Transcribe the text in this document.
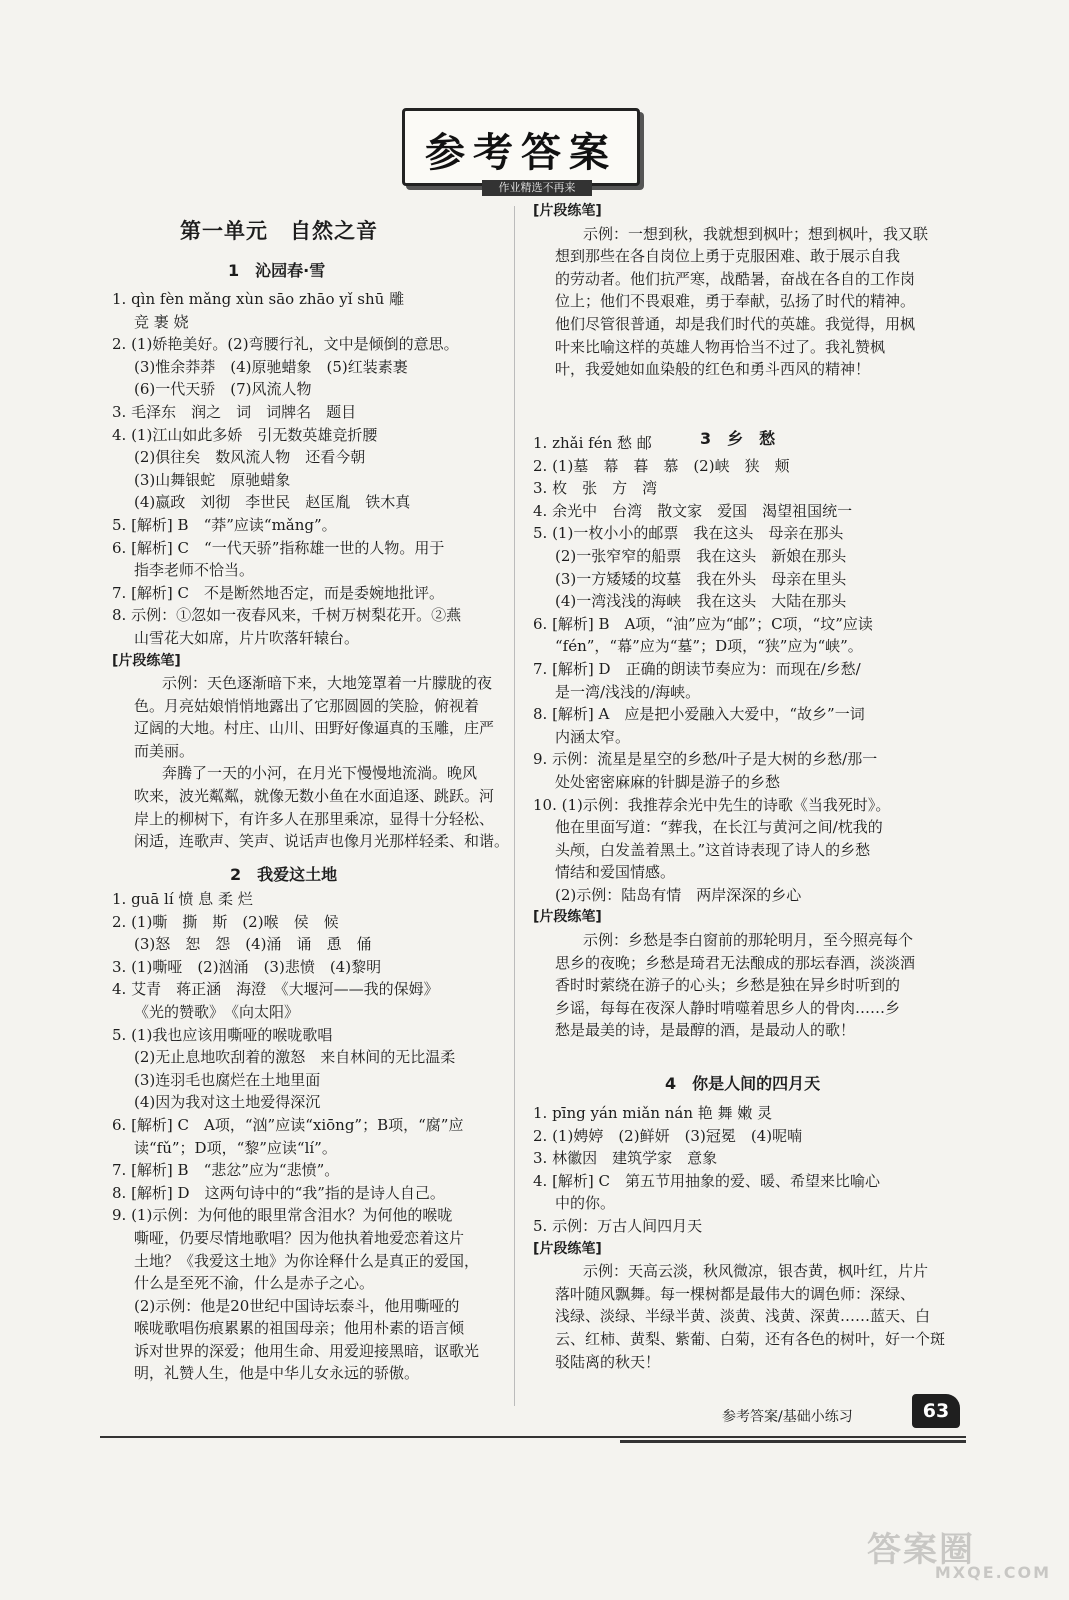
参考答案
作业精选不再来
第一单元　自然之音
1　沁园春·雪
1. qìn fèn mǎng xùn sāo zhāo yǐ shū 雕
竞 裹 娆
2. (1)娇艳美好。(2)弯腰行礼，文中是倾倒的意思。
(3)惟余莽莽　(4)原驰蜡象　(5)红装素裹
(6)一代天骄　(7)风流人物
3. 毛泽东　润之　词　词牌名　题目
4. (1)江山如此多娇　引无数英雄竞折腰
(2)俱往矣　数风流人物　还看今朝
(3)山舞银蛇　原驰蜡象
(4)嬴政　刘彻　李世民　赵匡胤　铁木真
5. [解析] B　“莽”应读“mǎng”。
6. [解析] C　“一代天骄”指称雄一世的人物。用于
指李老师不恰当。
7. [解析] C　不是断然地否定，而是委婉地批评。
8. 示例：①忽如一夜春风来，千树万树梨花开。②燕
山雪花大如席，片片吹落轩辕台。
[片段练笔]
示例：天色逐渐暗下来，大地笼罩着一片朦胧的夜
色。月亮姑娘悄悄地露出了它那圆圆的笑脸，俯视着
辽阔的大地。村庄、山川、田野好像逼真的玉雕，庄严
而美丽。
奔腾了一天的小河，在月光下慢慢地流淌。晚风
吹来，波光粼粼，就像无数小鱼在水面追逐、跳跃。河
岸上的柳树下，有许多人在那里乘凉，显得十分轻松、
闲适，连歌声、笑声、说话声也像月光那样轻柔、和谐。
2　我爱这土地
1. guā lí 愤 息 柔 烂
2. (1)嘶　撕　斯　(2)喉　侯　候
(3)怒　恕　怨　(4)涌　诵　恿　俑
3. (1)嘶哑　(2)汹涌　(3)悲愤　(4)黎明
4. 艾青　蒋正涵　海澄　《大堰河——我的保姆》
《光的赞歌》　《向太阳》
5. (1)我也应该用嘶哑的喉咙歌唱
(2)无止息地吹刮着的激怒　来自林间的无比温柔
(3)连羽毛也腐烂在土地里面
(4)因为我对这土地爱得深沉
6. [解析] C　A项，“汹”应读“xiōng”；B项，“腐”应
读“fǔ”；D项，“黎”应读“lí”。
7. [解析] B　“悲忿”应为“悲愤”。
8. [解析] D　这两句诗中的“我”指的是诗人自己。
9. (1)示例：为何他的眼里常含泪水？为何他的喉咙
嘶哑，仍要尽情地歌唱？因为他执着地爱恋着这片
土地？《我爱这土地》为你诠释什么是真正的爱国，
什么是至死不渝，什么是赤子之心。
(2)示例：他是20世纪中国诗坛泰斗，他用嘶哑的
喉咙歌唱伤痕累累的祖国母亲；他用朴素的语言倾
诉对世界的深爱；他用生命、用爱迎接黑暗，讴歌光
明，礼赞人生，他是中华儿女永远的骄傲。
[片段练笔]
示例：一想到秋，我就想到枫叶；想到枫叶，我又联
想到那些在各自岗位上勇于克服困难、敢于展示自我
的劳动者。他们抗严寒，战酷暑，奋战在各自的工作岗
位上；他们不畏艰难，勇于奉献，弘扬了时代的精神。
他们尽管很普通，却是我们时代的英雄。我觉得，用枫
叶来比喻这样的英雄人物再恰当不过了。我礼赞枫
叶，我爱她如血染般的红色和勇斗西风的精神！
3　乡　愁
1. zhǎi fén 愁 邮
2. (1)墓　幕　暮　慕　(2)峡　狭　颊
3. 枚　张　方　湾
4. 余光中　台湾　散文家　爱国　渴望祖国统一
5. (1)一枚小小的邮票　我在这头　母亲在那头
(2)一张窄窄的船票　我在这头　新娘在那头
(3)一方矮矮的坟墓　我在外头　母亲在里头
(4)一湾浅浅的海峡　我在这头　大陆在那头
6. [解析] B　A项，“油”应为“邮”；C项，“坟”应读
“fén”，“幕”应为“墓”；D项，“狭”应为“峡”。
7. [解析] D　正确的朗读节奏应为：而现在/乡愁/
是一湾/浅浅的/海峡。
8. [解析] A　应是把小爱融入大爱中，“故乡”一词
内涵太窄。
9. 示例：流星是星空的乡愁/叶子是大树的乡愁/那一
处处密密麻麻的针脚是游子的乡愁
10. (1)示例：我推荐余光中先生的诗歌《当我死时》。
他在里面写道：“葬我，在长江与黄河之间/枕我的
头颅，白发盖着黑土。”这首诗表现了诗人的乡愁
情结和爱国情感。
(2)示例：陆岛有情　两岸深深的乡心
[片段练笔]
示例：乡愁是李白窗前的那轮明月，至今照亮每个
思乡的夜晚；乡愁是琦君无法酿成的那坛春酒，淡淡酒
香时时萦绕在游子的心头；乡愁是独在异乡时听到的
乡谣，每每在夜深人静时啃噬着思乡人的骨肉……乡
愁是最美的诗，是最醇的酒，是最动人的歌！
4　你是人间的四月天
1. pīng yán miǎn nán 艳 舞 嫩 灵
2. (1)娉婷　(2)鲜妍　(3)冠冕　(4)呢喃
3. 林徽因　建筑学家　意象
4. [解析] C　第五节用抽象的爱、暖、希望来比喻心
中的你。
5. 示例：万古人间四月天
[片段练笔]
示例：天高云淡，秋风微凉，银杏黄，枫叶红，片片
落叶随风飘舞。每一棵树都是最伟大的调色师：深绿、
浅绿、淡绿、半绿半黄、淡黄、浅黄、深黄……蓝天、白
云、红柿、黄梨、紫葡、白菊，还有各色的树叶，好一个斑
驳陆离的秋天！
参考答案/基础小练习	63
答案圈
MXQE.COM
